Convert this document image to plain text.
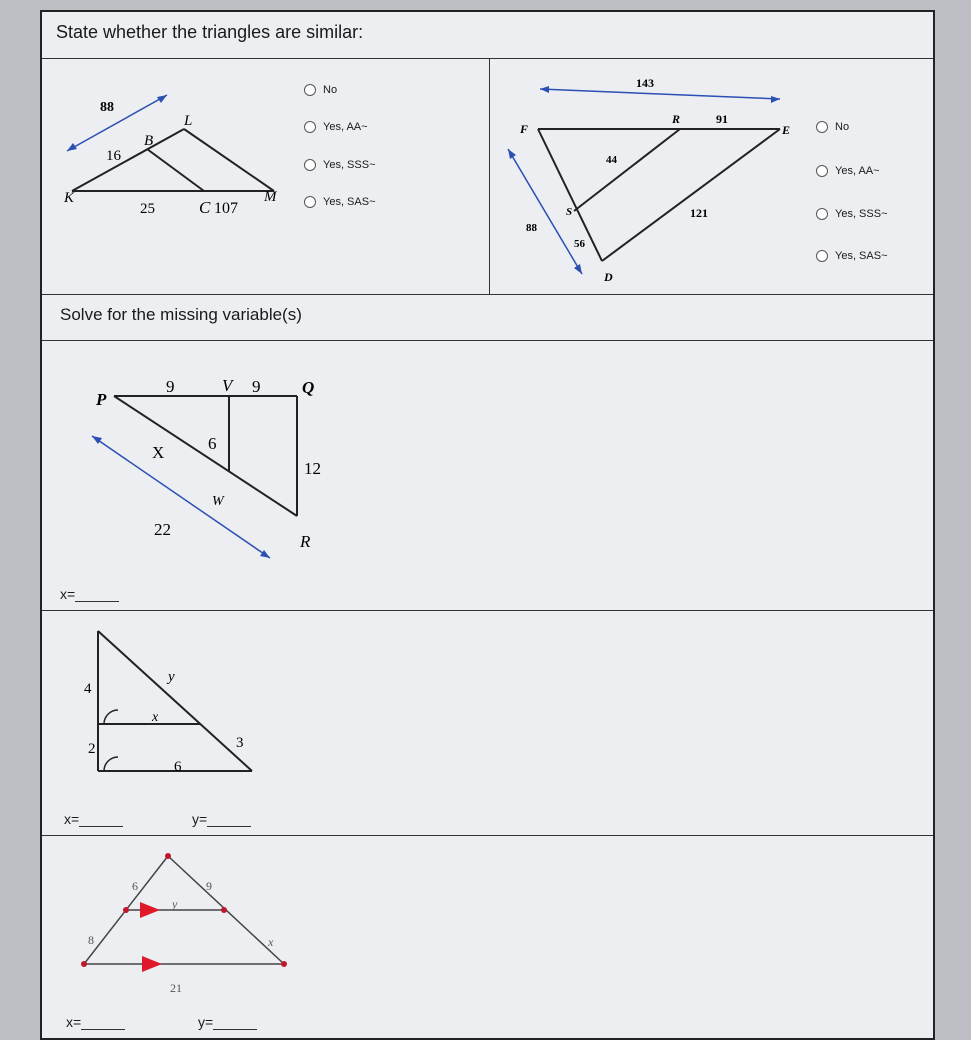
State whether the triangles are similar:
K
L
M
B
C
88
16
25	107
No
Yes, AA~
Yes, SSS~
Yes, SAS~
143
91
44
121
88
56
F
R
E
S
D
No
Yes, AA~
Yes, SSS~
Yes, SAS~
Solve for the missing variable(s)
P
V	Q
R
W
X
9	9
6
12
22
x=
4
2
6
3
y
x
x=	y=
6	9
8
y
x
21
x=	y=
